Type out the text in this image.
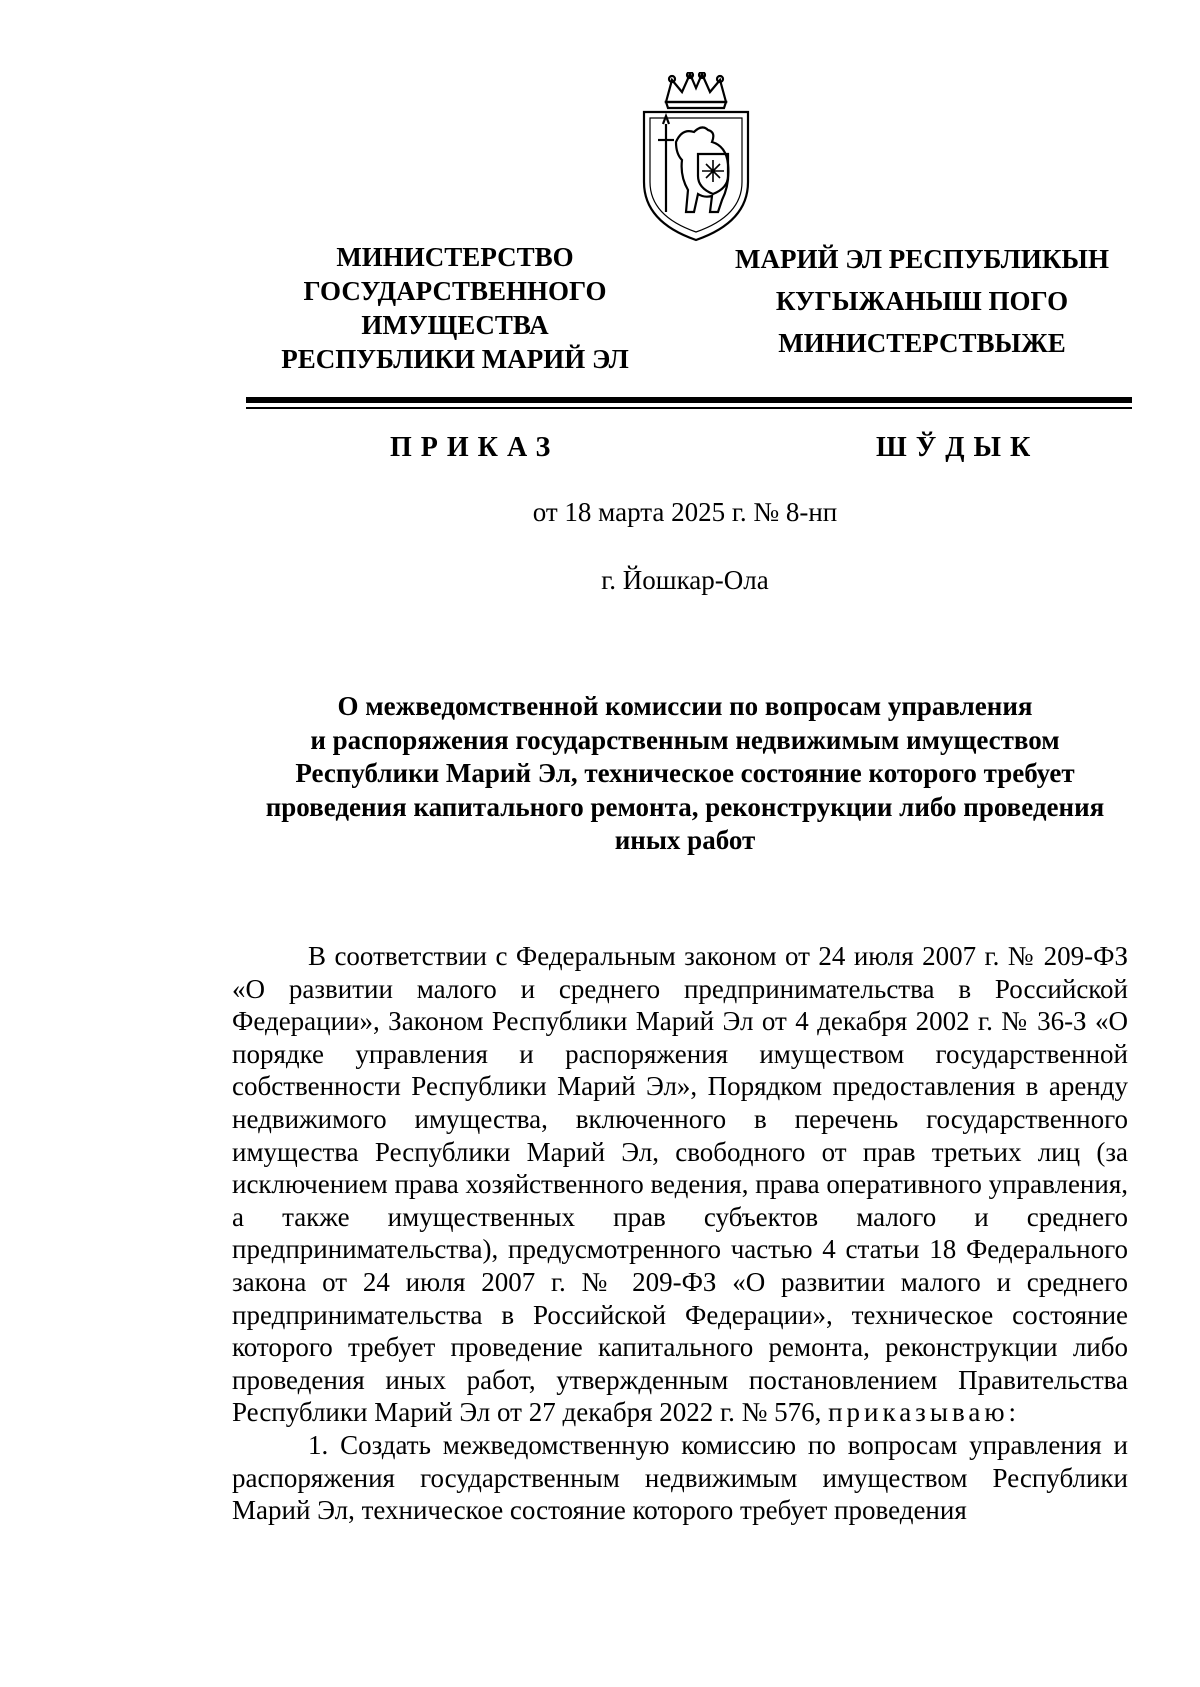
МИНИСТЕРСТВО
ГОСУДАРСТВЕННОГО
ИМУЩЕСТВА
РЕСПУБЛИКИ МАРИЙ ЭЛ
МАРИЙ ЭЛ РЕСПУБЛИКЫН
КУГЫЖАНЫШ ПОГО
МИНИСТЕРСТВЫЖЕ
ПРИКАЗ	ШЎДЫК
от 18 марта 2025 г. № 8-нп
г. Йошкар-Ола
О межведомственной комиссии по вопросам управления
и распоряжения государственным недвижимым имуществом
Республики Марий Эл, техническое состояние которого требует
проведения капитального ремонта, реконструкции либо проведения
иных работ

В соответствии с Федеральным законом от 24 июля 2007 г. № 209-ФЗ «О развитии малого и среднего предпринимательства в Российской Федерации», Законом Республики Марий Эл от 4 декабря 2002 г. № 36-З «О порядке управления и распоряжения имуществом государственной собственности Республики Марий Эл», Порядком предоставления в аренду недвижимого имущества, включенного в перечень государственного имущества Республики Марий Эл, свободного от прав третьих лиц (за исключением права хозяйственного ведения, права оперативного управления, а также имущественных прав субъектов малого и среднего предпринимательства), предусмотренного частью 4 статьи 18 Федерального закона от 24 июля 2007 г. № 209-ФЗ «О развитии малого и среднего предпринимательства в Российской Федерации», техническое состояние которого требует проведение капитального ремонта, реконструкции либо проведения иных работ, утвержденным постановлением Правительства Республики Марий Эл от 27 декабря 2022 г. № 576, приказываю:

1. Создать межведомственную комиссию по вопросам управления и распоряжения государственным недвижимым имуществом Республики Марий Эл, техническое состояние которого требует проведения
